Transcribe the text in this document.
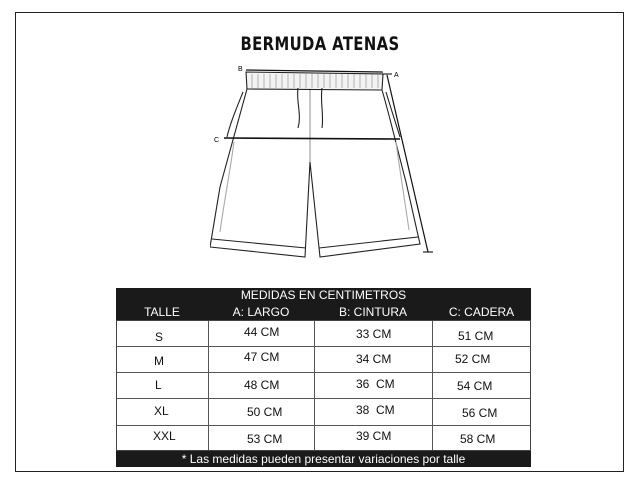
BERMUDA ATENAS
B
C
A
MEDIDAS EN CENTIMETROS
TALLE	A: LARGO	B: CINTURA	C: CADERA
S	44 CM	33 CM	51 CM
M	47 CM	34 CM	52 CM
L	48 CM	36  CM	54 CM
XL	50 CM	38  CM	56 CM
XXL	53 CM	39 CM	58 CM
* Las medidas pueden presentar variaciones por talle
